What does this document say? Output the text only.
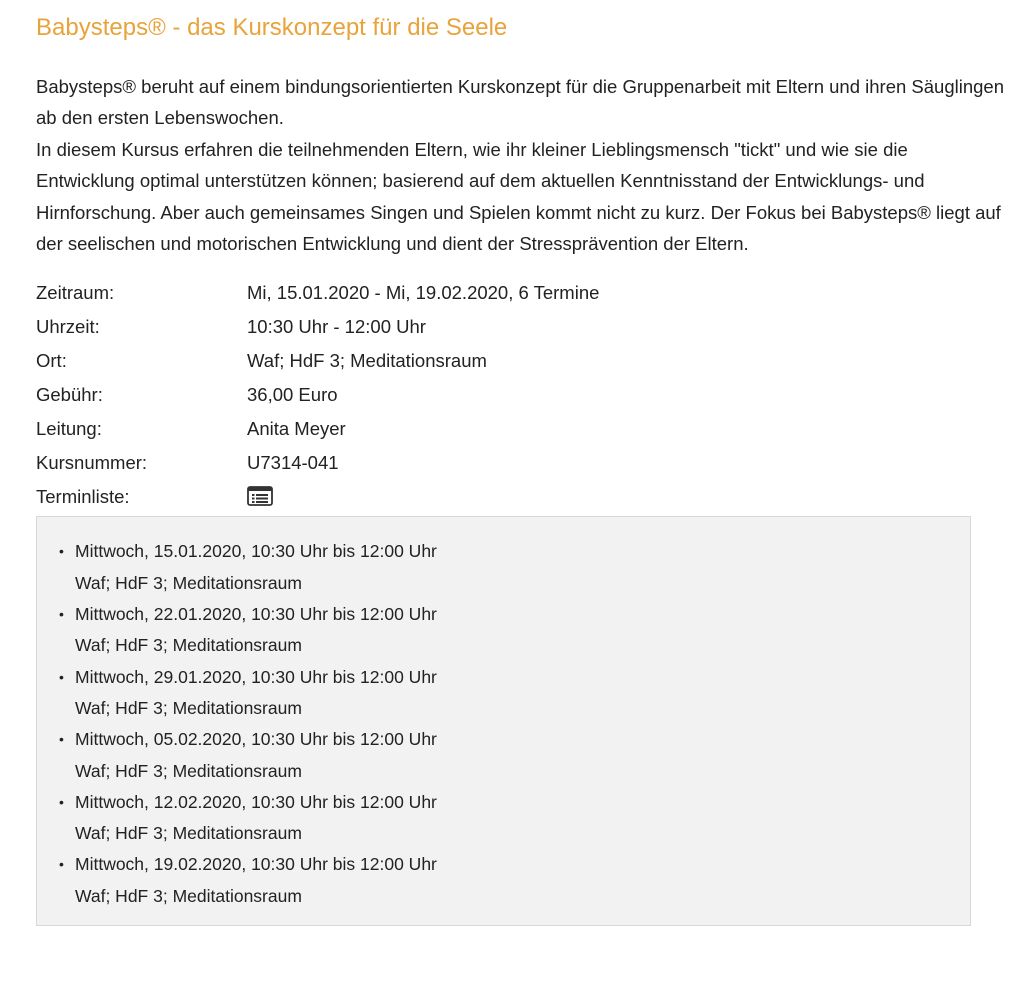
Babysteps® - das Kurskonzept für die Seele

Babysteps® beruht auf einem bindungsorientierten Kurskonzept für die Gruppenarbeit mit Eltern und ihren Säuglingen ab den ersten Lebenswochen.

In diesem Kursus erfahren die teilnehmenden Eltern, wie ihr kleiner Lieblingsmensch "tickt" und wie sie die Entwicklung optimal unterstützen können; basierend auf dem aktuellen Kenntnisstand der Entwicklungs- und Hirnforschung. Aber auch gemeinsames Singen und Spielen kommt nicht zu kurz. Der Fokus bei Babysteps® liegt auf der seelischen und motorischen Entwicklung und dient der Stressprävention der Eltern.

Zeitraum:	Mi, 15.01.2020 - Mi, 19.02.2020, 6 Termine
Uhrzeit:	10:30 Uhr - 12:00 Uhr
Ort:	Waf; HdF 3; Meditationsraum
Gebühr:	36,00 Euro
Leitung:	Anita Meyer
Kursnummer:	U7314-041
Terminliste:
• Mittwoch, 15.01.2020, 10:30 Uhr bis 12:00 Uhr
Waf; HdF 3; Meditationsraum
• Mittwoch, 22.01.2020, 10:30 Uhr bis 12:00 Uhr
Waf; HdF 3; Meditationsraum
• Mittwoch, 29.01.2020, 10:30 Uhr bis 12:00 Uhr
Waf; HdF 3; Meditationsraum
• Mittwoch, 05.02.2020, 10:30 Uhr bis 12:00 Uhr
Waf; HdF 3; Meditationsraum
• Mittwoch, 12.02.2020, 10:30 Uhr bis 12:00 Uhr
Waf; HdF 3; Meditationsraum
• Mittwoch, 19.02.2020, 10:30 Uhr bis 12:00 Uhr
Waf; HdF 3; Meditationsraum
